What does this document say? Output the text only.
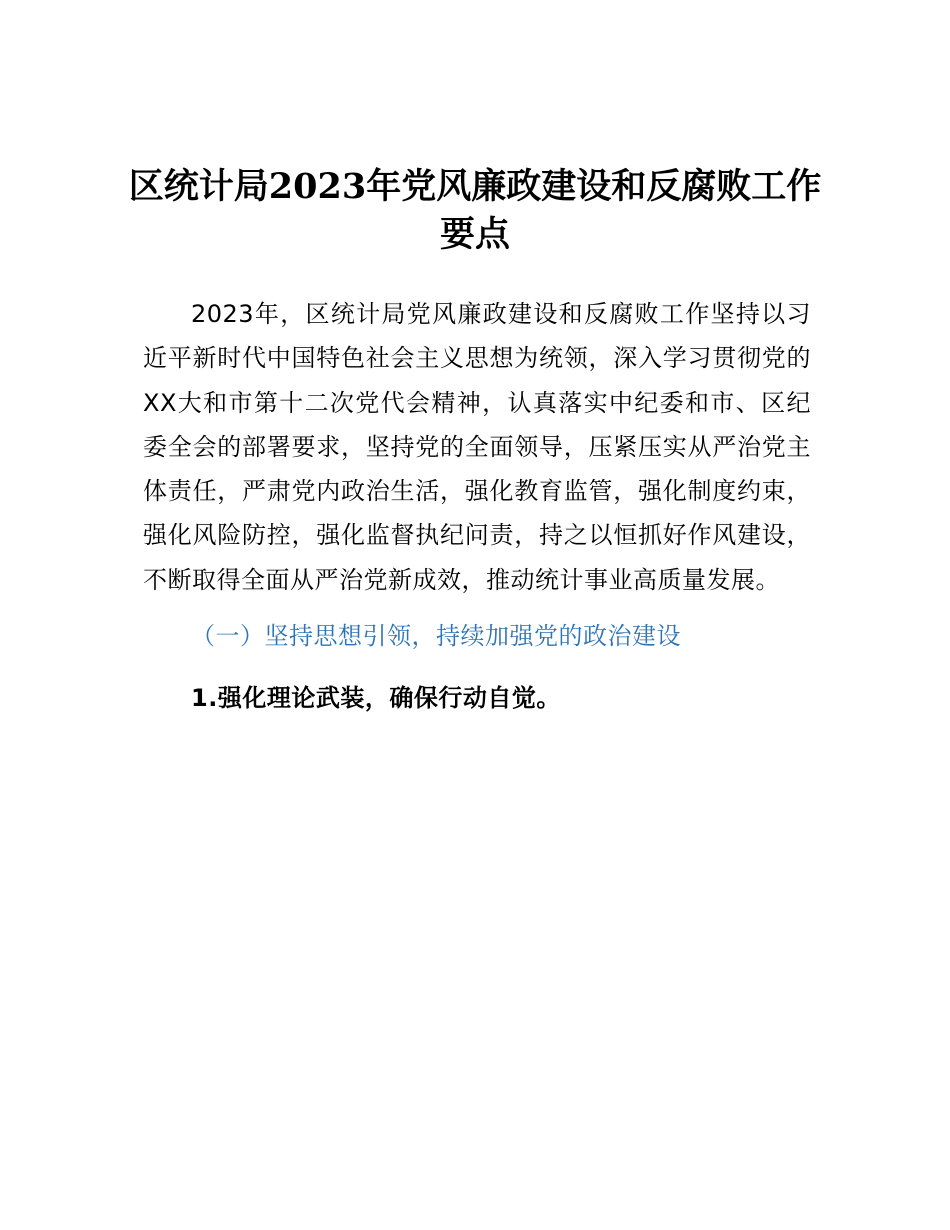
区统计局2023年党风廉政建设和反腐败工作要点

2023年，区统计局党风廉政建设和反腐败工作坚持以习近平新时代中国特色社会主义思想为统领，深入学习贯彻党的XX大和市第十二次党代会精神，认真落实中纪委和市、区纪委全会的部署要求，坚持党的全面领导，压紧压实从严治党主体责任，严肃党内政治生活，强化教育监管，强化制度约束，强化风险防控，强化监督执纪问责，持之以恒抓好作风建设，不断取得全面从严治党新成效，推动统计事业高质量发展。

（一）坚持思想引领，持续加强党的政治建设

1.强化理论武装，确保行动自觉。
